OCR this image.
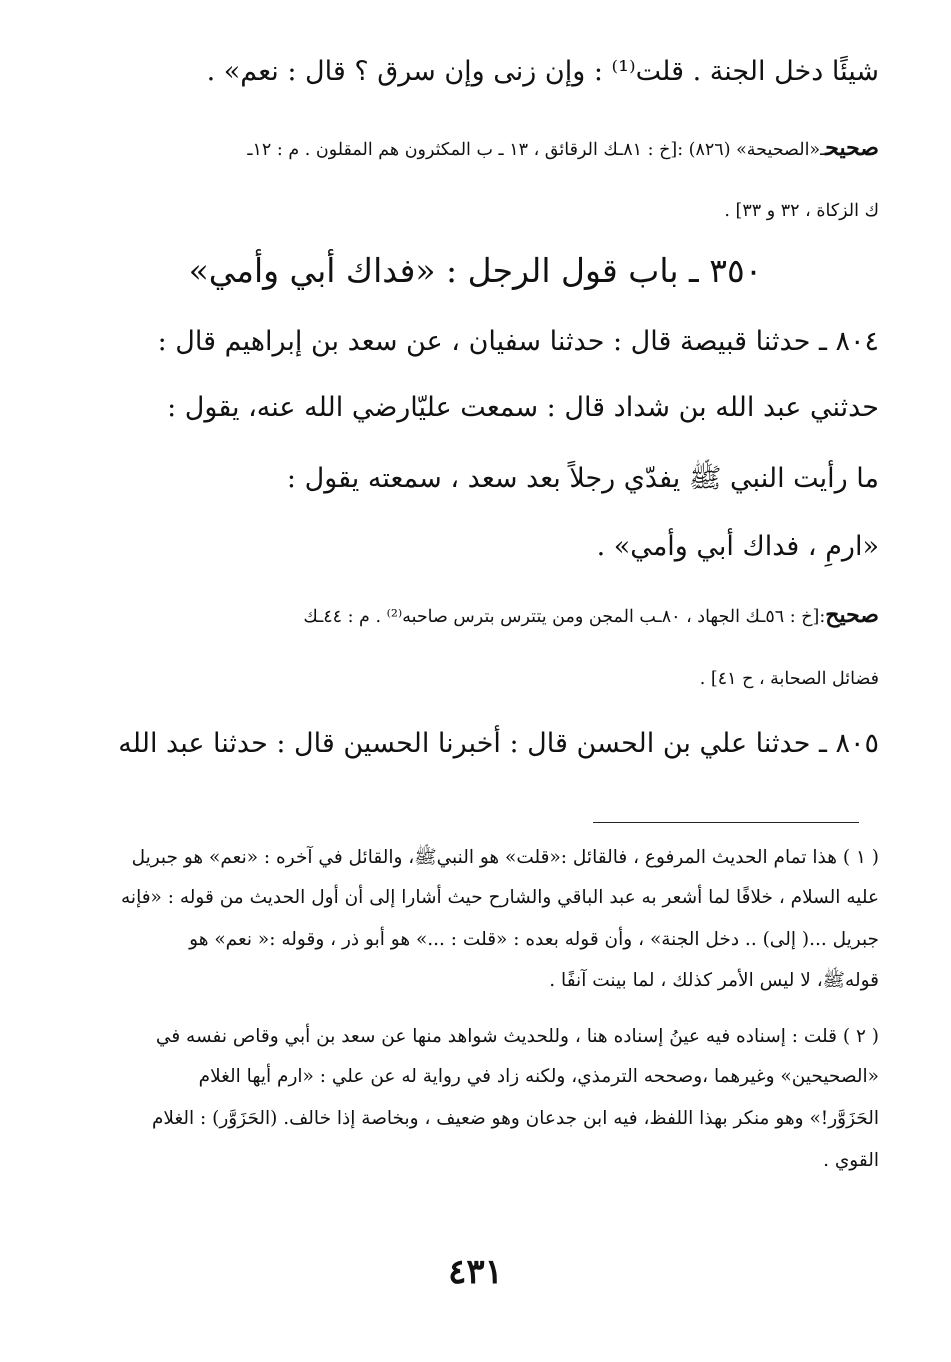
شيئًا دخل الجنة . قلت⁽¹⁾ : وإن زنى وإن سرق ؟ قال : نعم» .
صحيحـ«الصحيحة» (٨٢٦) :[خ : ٨١ـك الرقائق ، ١٣ ـ ب المكثرون هم المقلون . م : ١٢ـ
ك الزكاة ، ٣٢ و ٣٣] .
٣٥٠ ـ باب قول الرجل : «فداك أبي وأمي»
٨٠٤ ـ حدثنا قبيصة قال : حدثنا سفيان ، عن سعد بن إبراهيم قال :
حدثني عبد الله بن شداد قال : سمعت عليّارضي الله عنه، يقول :
ما رأيت النبي ﷺ يفدّي رجلاً بعد سعد ، سمعته يقول :
«ارمِ ، فداك أبي وأمي» .
صحيح:[خ : ٥٦ـك الجهاد ، ٨٠ـب المجن ومن يتترس بترس صاحبه⁽²⁾ . م : ٤٤ـك
فضائل الصحابة ، ح ٤١] .
٨٠٥ ـ حدثنا علي بن الحسن قال : أخبرنا الحسين قال : حدثنا عبد الله
( ١ ) هذا تمام الحديث المرفوع ، فالقائل :«قلت» هو النبيﷺ، والقائل في آخره : «نعم» هو جبريل
عليه السلام ، خلافًا لما أشعر به عبد الباقي والشارح حيث أشارا إلى أن أول الحديث من قوله : «فإنه
جبريل ...( إلى) .. دخل الجنة» ، وأن قوله بعده : «قلت : ...» هو أبو ذر ، وقوله :« نعم» هو
قولهﷺ، لا ليس الأمر كذلك ، لما بينت آنفًا .
( ٢ ) قلت : إسناده فيه عينُ إسناده هنا ، وللحديث شواهد منها عن سعد بن أبي وقاص نفسه في
«الصحيحين» وغيرهما ،وصححه الترمذي، ولكنه زاد في رواية له عن علي : «ارم أيها الغلام
الحَزَوَّر!» وهو منكر بهذا اللفظ، فيه ابن جدعان وهو ضعيف ، وبخاصة إذا خالف. (الحَزَوَّر) : الغلام
القوي .
٤٣١
